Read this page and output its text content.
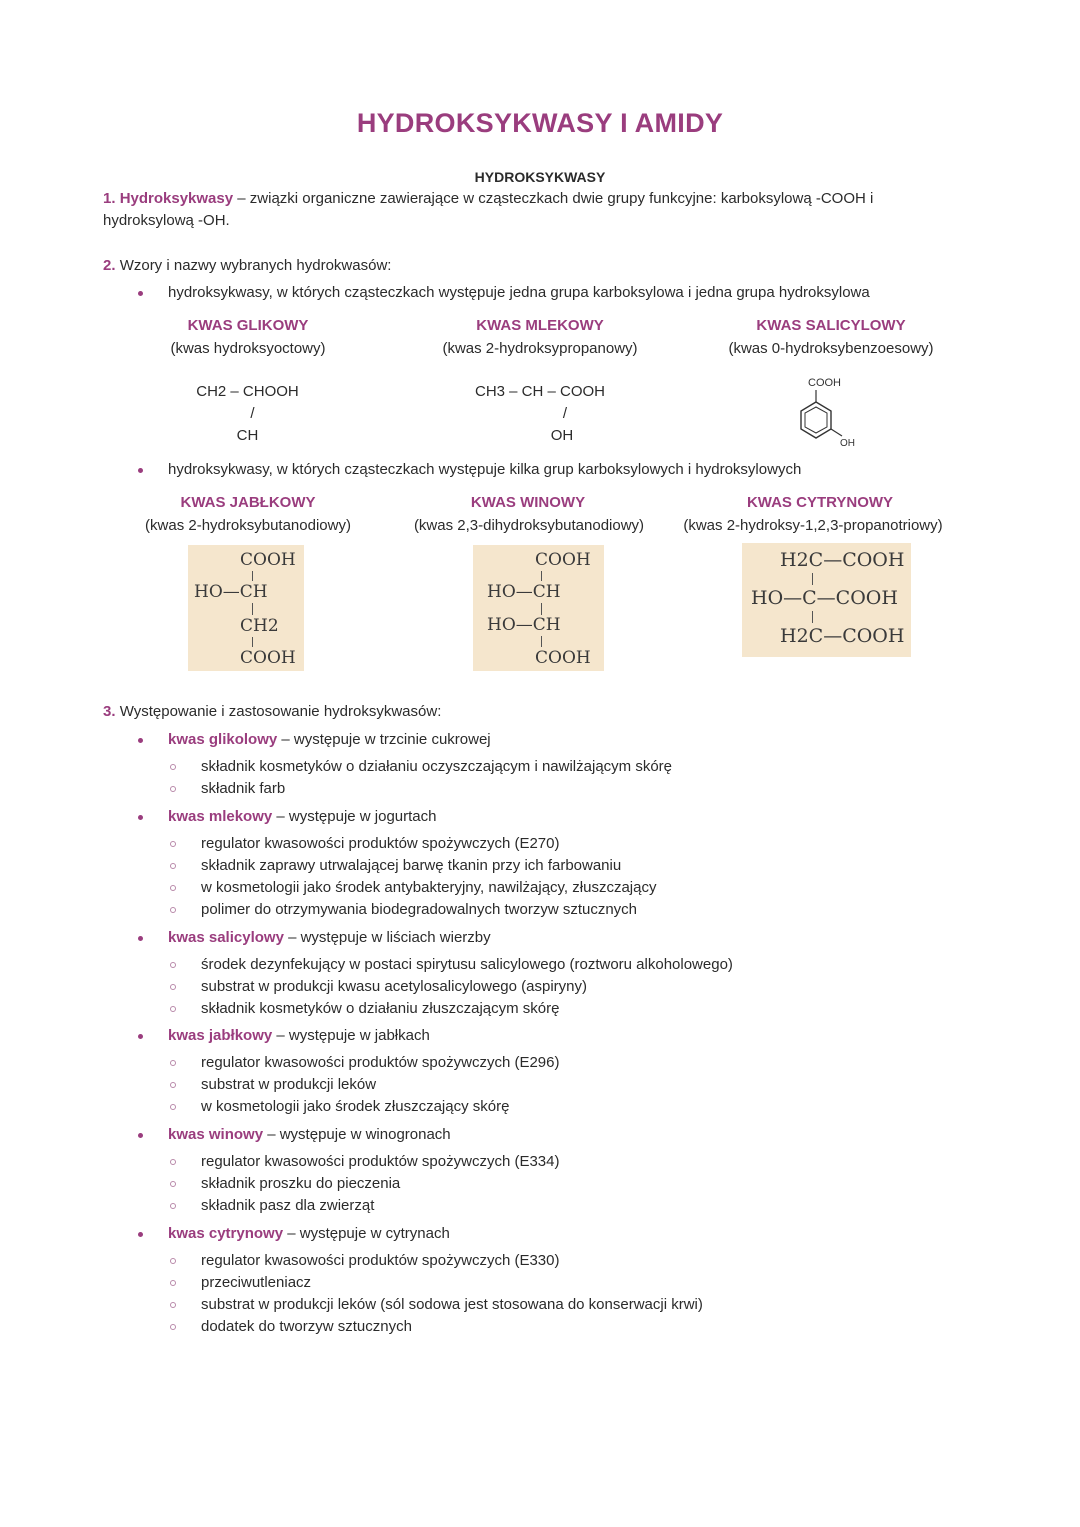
HYDROKSYKWASY I AMIDY
HYDROKSYKWASY
1. Hydroksykwasy – związki organiczne zawierające w cząsteczkach dwie grupy funkcyjne: karboksylową -COOH i
hydroksylową -OH.
2. Wzory i nazwy wybranych hydrokwasów:
hydroksykwasy, w których cząsteczkach występuje jedna grupa karboksylowa i jedna grupa hydroksylowa
KWAS GLIKOWY
(kwas hydroksyoctowy)
CH2 – CHOOH
/
CH
KWAS MLEKOWY
(kwas 2-hydroksypropanowy)
CH3 – CH – COOH
/
OH
KWAS SALICYLOWY
(kwas 0-hydroksybenzoesowy)
COOH
OH
hydroksykwasy, w których cząsteczkach występuje kilka grup karboksylowych i hydroksylowych
KWAS JABŁKOWY
(kwas 2-hydroksybutanodiowy)
COOH
HO—CH
CH2
COOH
KWAS WINOWY
(kwas 2,3-dihydroksybutanodiowy)
COOH
HO—CH
HO—CH
COOH
KWAS CYTRYNOWY
(kwas 2-hydroksy-1,2,3-propanotriowy)
H2C—COOH
HO—C—COOH
H2C—COOH
3. Występowanie i zastosowanie hydroksykwasów:
kwas glikolowy – występuje w trzcinie cukrowej
składnik kosmetyków o działaniu oczyszczającym i nawilżającym skórę
składnik farb
kwas mlekowy – występuje w jogurtach
regulator kwasowości produktów spożywczych (E270)
składnik zaprawy utrwalającej barwę tkanin przy ich farbowaniu
w kosmetologii jako środek antybakteryjny, nawilżający, złuszczający
polimer do otrzymywania biodegradowalnych tworzyw sztucznych
kwas salicylowy – występuje w liściach wierzby
środek dezynfekujący w postaci spirytusu salicylowego (roztworu alkoholowego)
substrat w produkcji kwasu acetylosalicylowego (aspiryny)
składnik kosmetyków o działaniu złuszczającym skórę
kwas jabłkowy – występuje w jabłkach
regulator kwasowości produktów spożywczych (E296)
substrat w produkcji leków
w kosmetologii jako środek złuszczający skórę
kwas winowy – występuje w winogronach
regulator kwasowości produktów spożywczych (E334)
składnik proszku do pieczenia
składnik pasz dla zwierząt
kwas cytrynowy – występuje w cytrynach
regulator kwasowości produktów spożywczych (E330)
przeciwutleniacz
substrat w produkcji leków (sól sodowa jest stosowana do konserwacji krwi)
dodatek do tworzyw sztucznych
